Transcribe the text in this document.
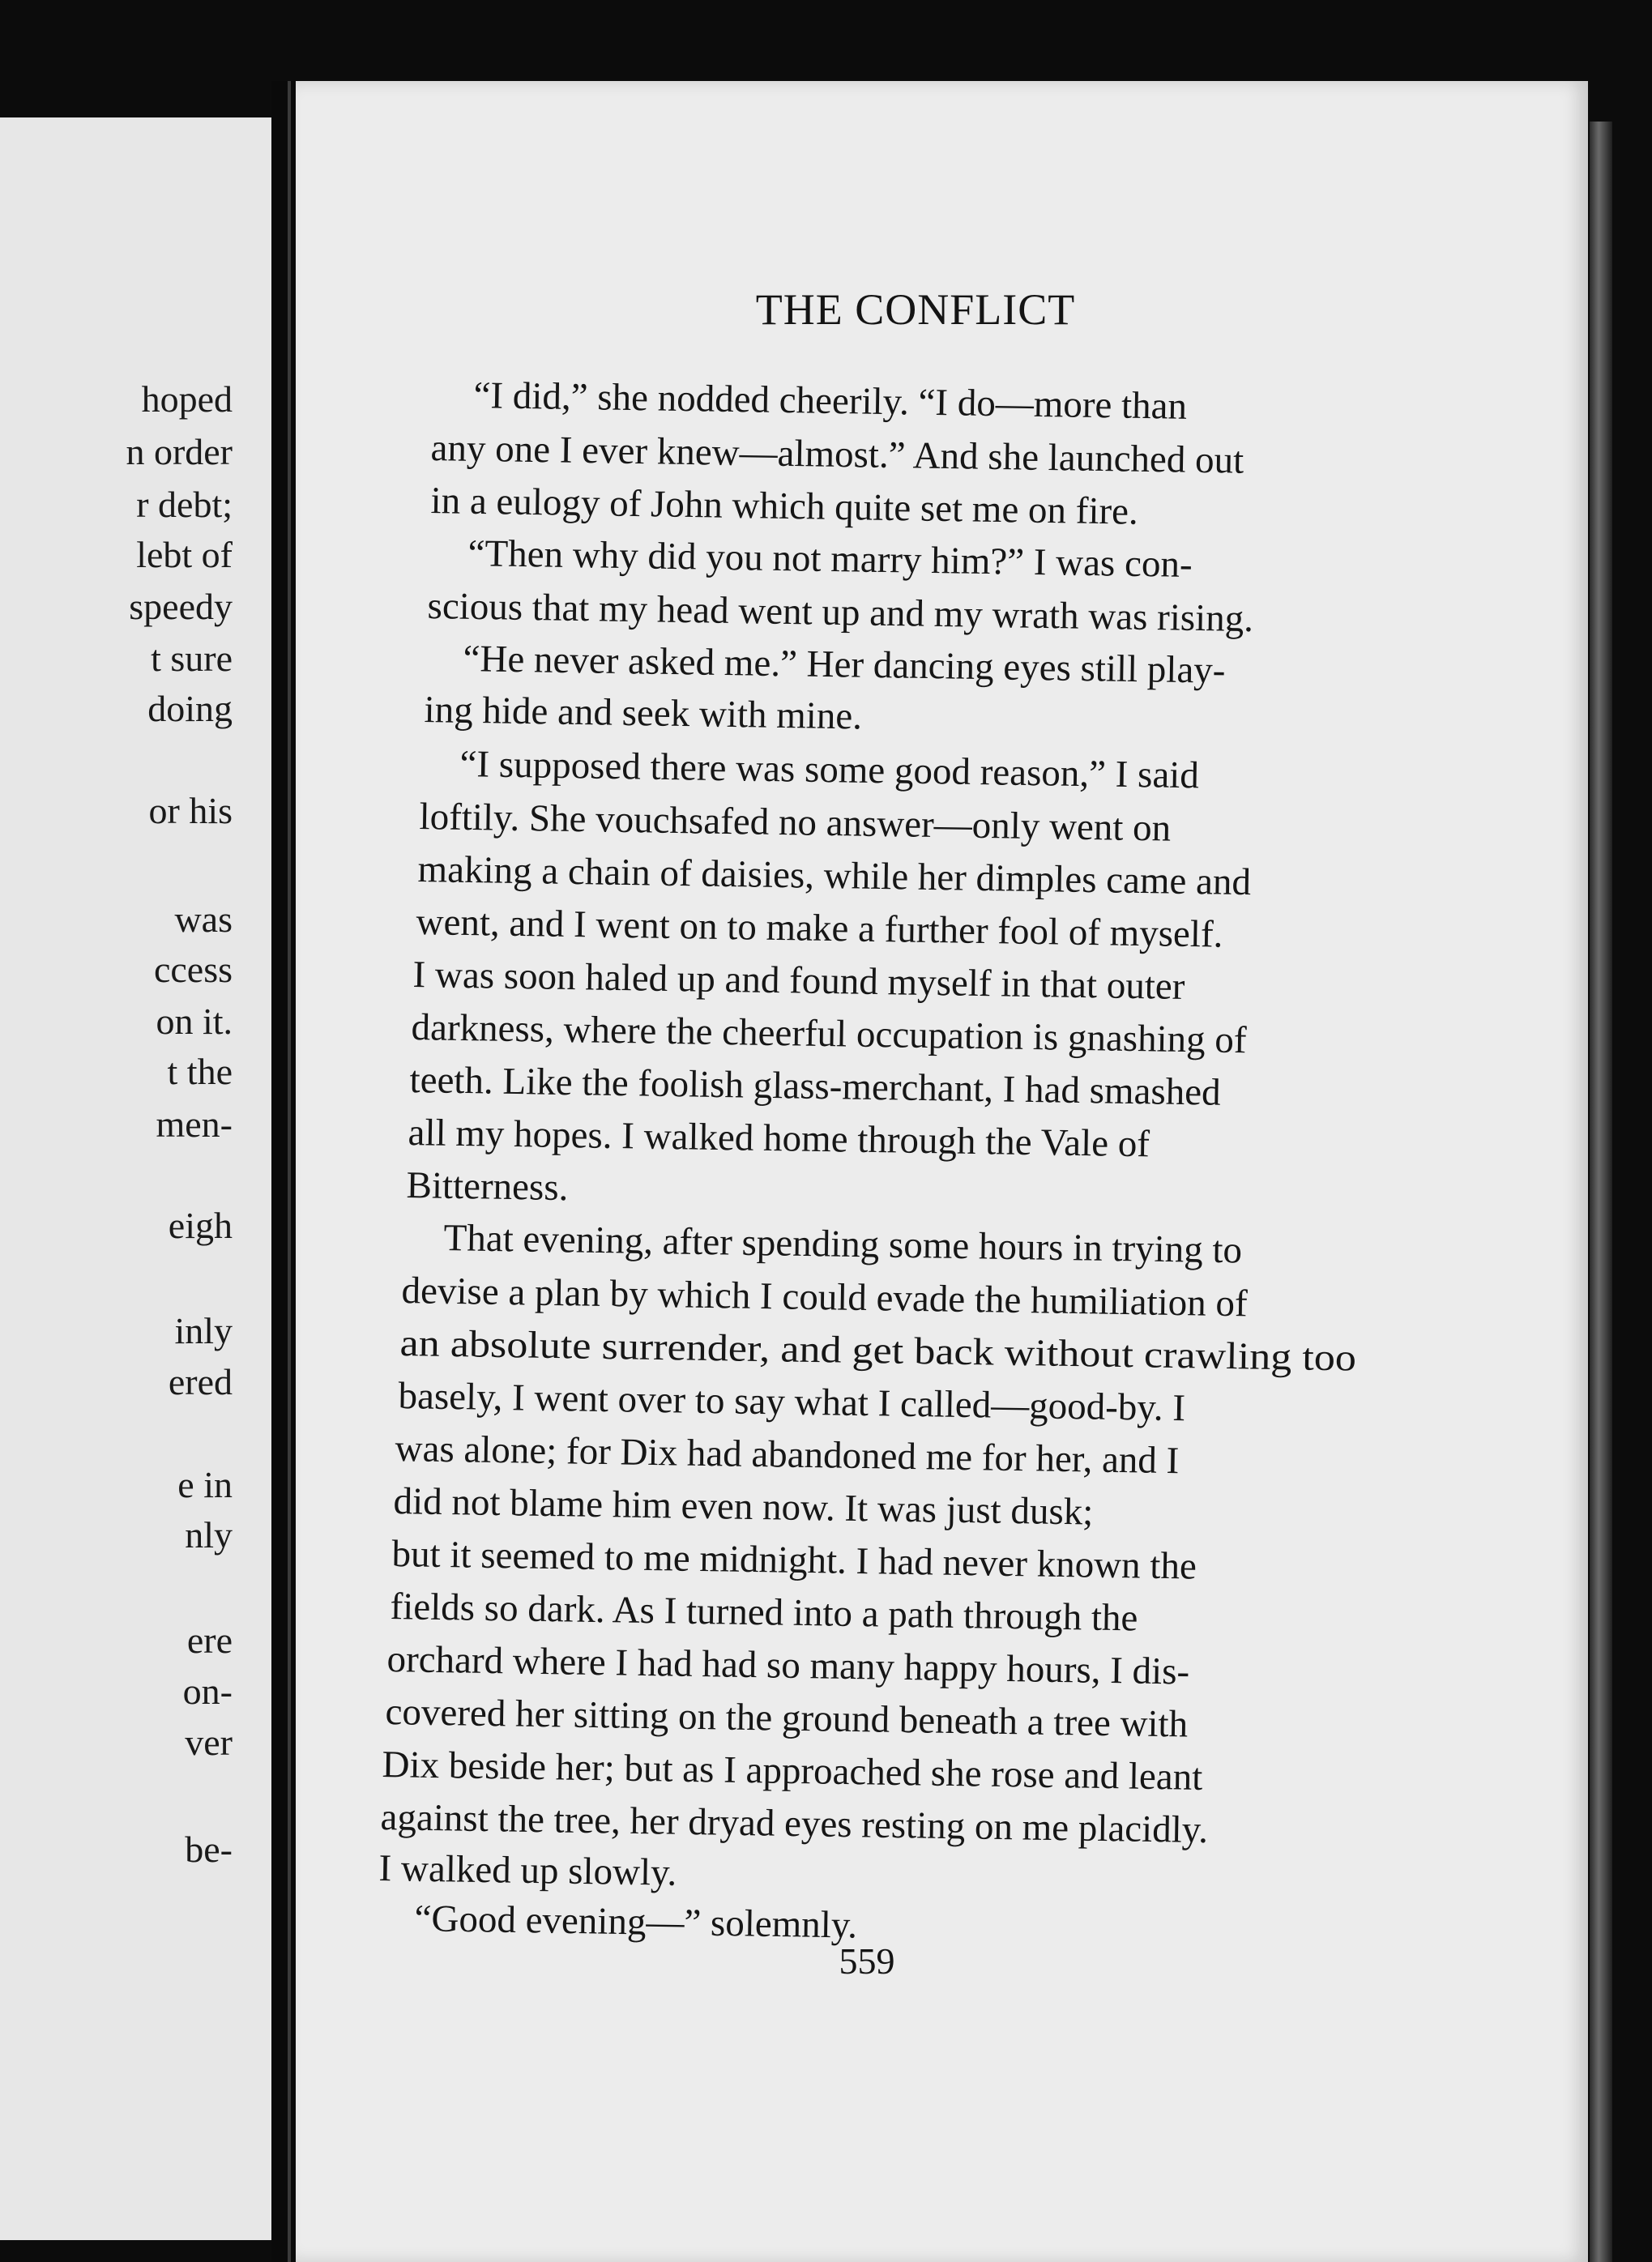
hoped
n order
r debt;
lebt of
speedy
t sure
doing
or his
was
ccess
on it.
t the
men-
eigh
inly
ered
e in
nly
ere
on-
ver
be-
THE CONFLICT
“I did,” she nodded cheerily. “I do—more than
any one I ever knew—almost.” And she launched out
in a eulogy of John which quite set me on fire.
“Then why did you not marry him?” I was con-
scious that my head went up and my wrath was rising.
“He never asked me.” Her dancing eyes still play-
ing hide and seek with mine.
“I supposed there was some good reason,” I said
loftily. She vouchsafed no answer—only went on
making a chain of daisies, while her dimples came and
went, and I went on to make a further fool of myself.
I was soon haled up and found myself in that outer
darkness, where the cheerful occupation is gnashing of
teeth. Like the foolish glass-merchant, I had smashed
all my hopes. I walked home through the Vale of
Bitterness.
That evening, after spending some hours in trying to
devise a plan by which I could evade the humiliation of
an absolute surrender, and get back without crawling too
basely, I went over to say what I called—good-by. I
was alone; for Dix had abandoned me for her, and I
did not blame him even now. It was just dusk;
but it seemed to me midnight. I had never known the
fields so dark. As I turned into a path through the
orchard where I had had so many happy hours, I dis-
covered her sitting on the ground beneath a tree with
Dix beside her; but as I approached she rose and leant
against the tree, her dryad eyes resting on me placidly.
I walked up slowly.
“Good evening—” solemnly.
559
